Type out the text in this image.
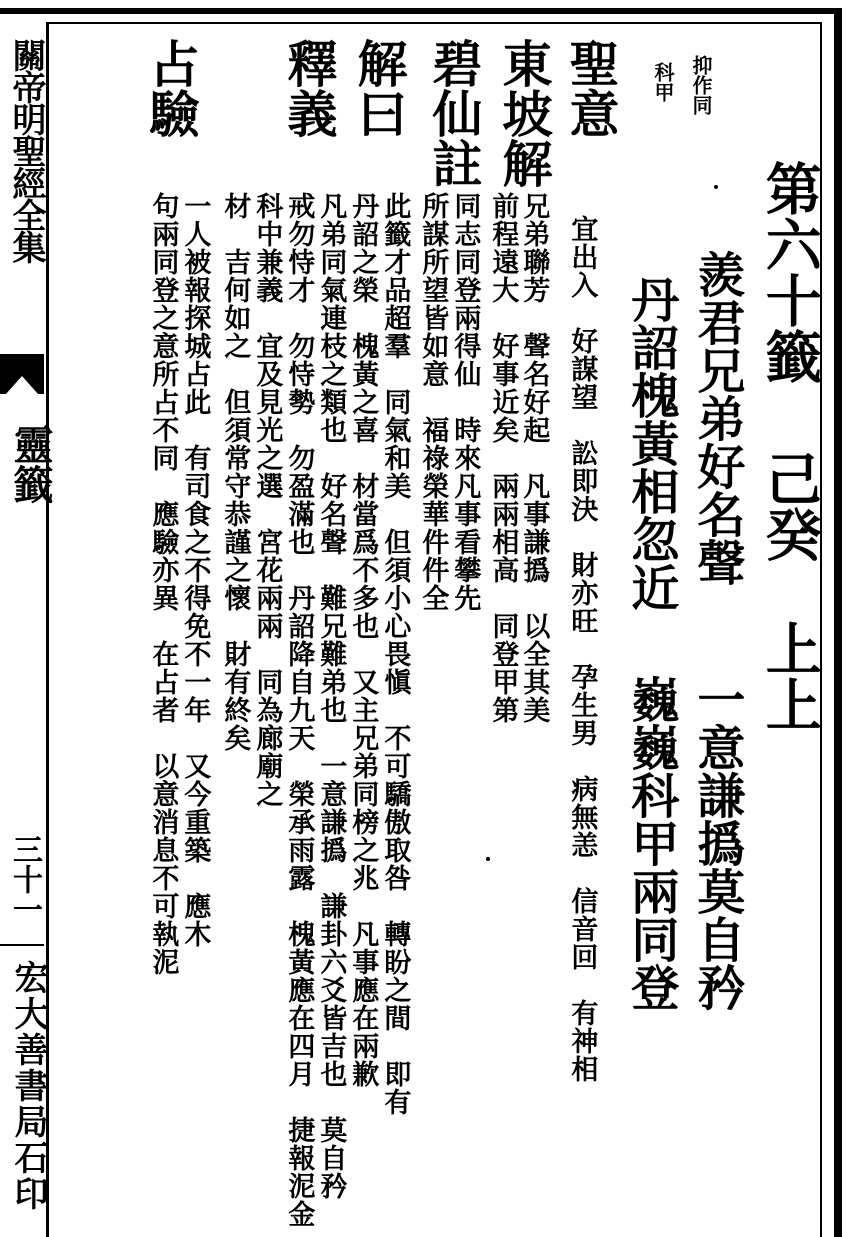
關帝明聖經全集
靈籤
三十一
宏大善書局石印
第六十籤
己癸
上上
羨君兄弟好名聲
一意謙撝莫自矜
丹詔槐黃相忽近
巍巍科甲兩同登
抑作同
科甲
聖意
宜出入　好謀望　訟即決　財亦旺　孕生男　病無恙　信音回　有神相
東坡解
兄弟聯芳　聲名好起　凡事謙撝　以全其美
前程遠大　好事近矣　兩兩相高　同登甲第
碧仙註
同志同登兩得仙　時來凡事看攀先
所謀所望皆如意　福祿榮華件件全
解曰
此籤才品超羣　同氣和美　但須小心畏愼　不可驕傲取咎　轉盼之間　即有
丹詔之榮　槐黃之喜　材當爲不多也　又主兄弟同榜之兆　凡事應在兩歉
凡弟同氣連枝之類也　好名聲　難兄難弟也　一意謙撝　謙卦六爻皆吉也　莫自矜
釋義
戒勿恃才　勿恃勢　勿盈滿也　丹詔降自九天　榮承雨露　槐黃應在四月　捷報泥金
科中兼義　宜及見光之選　宮花兩兩　同為廊廟之
材　吉何如之　但須常守恭謹之懷　財有終矣
占驗
一人被報探城占此　有司食之不得免不一年　又今重築　應木
句兩同登之意所占不同　應驗亦異　在占者　以意消息不可執泥
